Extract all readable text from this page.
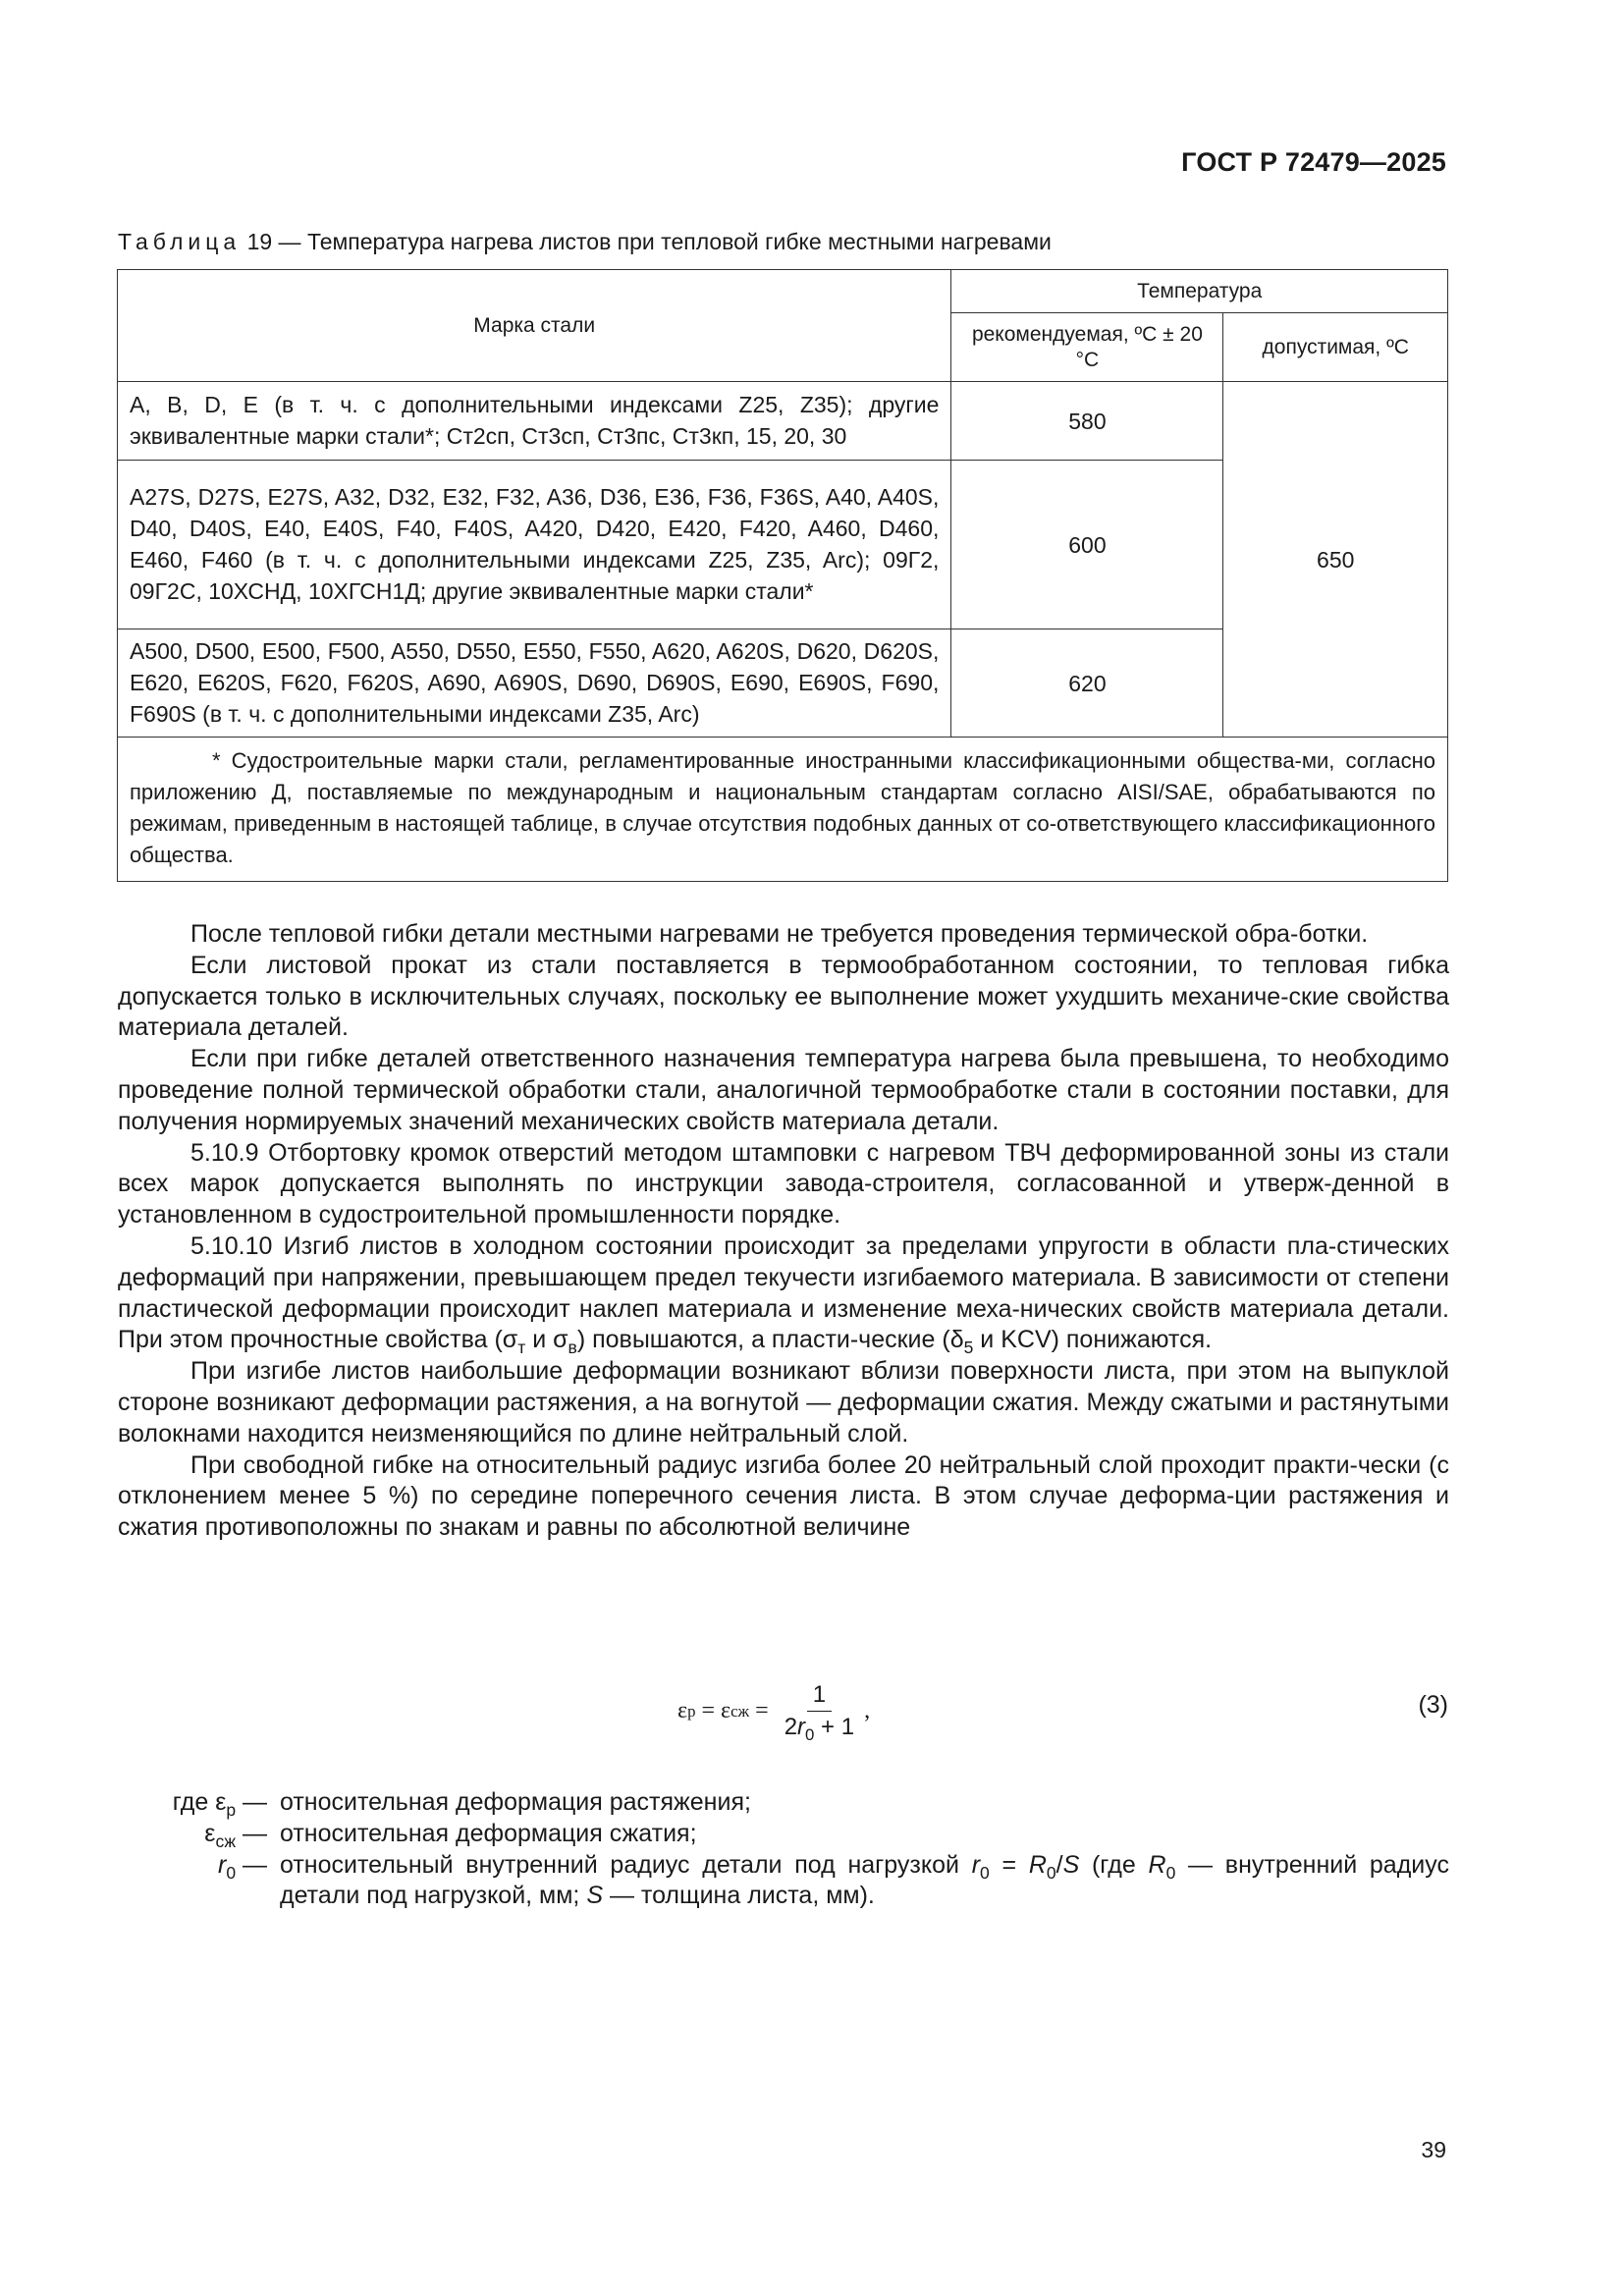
ГОСТ Р 72479—2025
Таблица 19 — Температура нагрева листов при тепловой гибке местными нагревами
Марка стали	Температура	
	рекомендуемая, ºС ± 20 °С	допустимая, ºС
A, B, D, E (в т. ч. с дополнительными индексами Z25, Z35); другие эквивалентные марки стали*; Ст2сп, Ст3сп, Ст3пс, Ст3кп, 15, 20, 30	580	650
A27S, D27S, E27S, A32, D32, E32, F32, A36, D36, E36, F36, F36S, A40, A40S, D40, D40S, E40, E40S, F40, F40S, A420, D420, E420, F420, A460, D460, E460, F460 (в т. ч. с дополнительными индексами Z25, Z35, Arc); 09Г2, 09Г2С, 10ХСНД, 10ХГСН1Д; другие эквивалентные марки стали*	600	
A500, D500, E500, F500, A550, D550, E550, F550, A620, A620S, D620, D620S, E620, E620S, F620, F620S, A690, A690S, D690, D690S, E690, E690S, F690, F690S (в т. ч. с дополнительными индексами Z35, Arc)	620	
* Судостроительные марки стали, регламентированные иностранными классификационными общества-ми, согласно приложению Д, поставляемые по международным и национальным стандартам согласно AISI/SAE, обрабатываются по режимам, приведенным в настоящей таблице, в случае отсутствия подобных данных от со-ответствующего классификационного общества.		

После тепловой гибки детали местными нагревами не требуется проведения термической обра-ботки.

Если листовой прокат из стали поставляется в термообработанном состоянии, то тепловая гибка допускается только в исключительных случаях, поскольку ее выполнение может ухудшить механиче-ские свойства материала деталей.

Если при гибке деталей ответственного назначения температура нагрева была превышена, то необходимо проведение полной термической обработки стали, аналогичной термообработке стали в состоянии поставки, для получения нормируемых значений механических свойств материала детали.

5.10.9 Отбортовку кромок отверстий методом штамповки с нагревом ТВЧ деформированной зоны из стали всех марок допускается выполнять по инструкции завода-строителя, согласованной и утверж-денной в установленном в судостроительной промышленности порядке.

5.10.10 Изгиб листов в холодном состоянии происходит за пределами упругости в области пла-стических деформаций при напряжении, превышающем предел текучести изгибаемого материала. В зависимости от степени пластической деформации происходит наклеп материала и изменение меха-нических свойств материала детали. При этом прочностные свойства ($\sigma_т$ и $\sigma_в$) повышаются, а пласти-ческие ($\delta_5$ и KCV) понижаются.

При изгибе листов наибольшие деформации возникают вблизи поверхности листа, при этом на выпуклой стороне возникают деформации растяжения, а на вогнутой — деформации сжатия. Между сжатыми и растянутыми волокнами находится неизменяющийся по длине нейтральный слой.

При свободной гибке на относительный радиус изгиба более 20 нейтральный слой проходит практи-чески (с отклонением менее 5 %) по середине поперечного сечения листа. В этом случае деформа-ции растяжения и сжатия противоположны по знакам и равны по абсолютной величине

ε р = ε сж = $\frac{1}{2r_0 + 1}$ ,	(3)
где $\varepsilon_р$ — относительная деформация растяжения;
$\varepsilon_{сж}$ — относительная деформация сжатия;
$r_0$ — относительный внутренний радиус детали под нагрузкой $r_0 = R_0/S$ (где $R_0$ — внутренний радиус детали под нагрузкой, мм; S — толщина листа, мм).
39
